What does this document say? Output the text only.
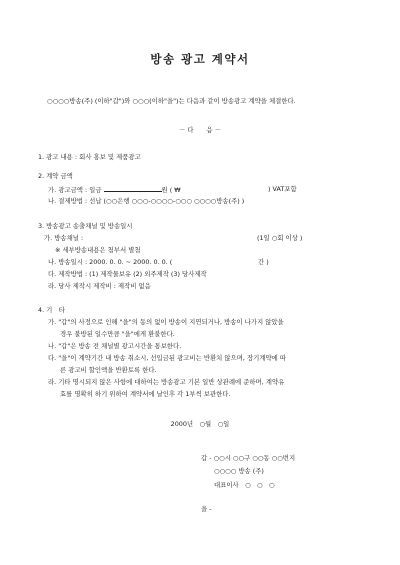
방송 광고 계약서
○○○○방송(주) (이하"갑")와 ○○○(이하"을")는 다음과 같이 방송광고 계약을 체결한다.
－ 다　　음 －
1. 광고 내용 : 회사 홍보 및 제품광고
2. 계약 금액
가. 광고금액 : 일금	원 ( ₩	) VAT포함
나. 결제방법 : 선납 (○○은행 ○○○-○○○○-○○○ ○○○○방송(주) )
3. 방송광고 송출채널 및 방송일시
가. 방송채널 :	(1일 ○회 이상 )
※ 세부방송내용은 첨부서 별첨
나. 방송일시 : 2000. 0. 0. ~ 2000. 0. 0. (	간 )
다. 제작방법 : (1) 제작물보유 (2) 외주제작 (3) 당사제작
라. 당사 제작시 제작비 : 제작비 없음
4. 기　타
가. "갑"의 사정으로 인해 "을"의 동의 없이 방송이 지연되거나, 방송이 나가지 않았을
경우 불방된 일수만큼 "을"에게 환불한다.
나. "갑"은 방송 전 채널별 광고시간을 통보한다.
다. "을"이 계약기간 내 방송 취소시, 선입금된 광고비는 반환치 않으며, 장기계약에 따
른 광고비 할인액을 반환토록 한다.
라. 기타 명시되지 않은 사항에 대하여는 방송광고 기본 일반 상관례에 준하며, 계약유
효를 명확히 하기 위하여 계약서에 날인후 각 1부씩 보관한다.
2000년　○월　○일
갑 - ○○시 ○○구 ○○동 ○○번지
○○○○ 방송 (주)
대표이사　○　○　○
을 -
